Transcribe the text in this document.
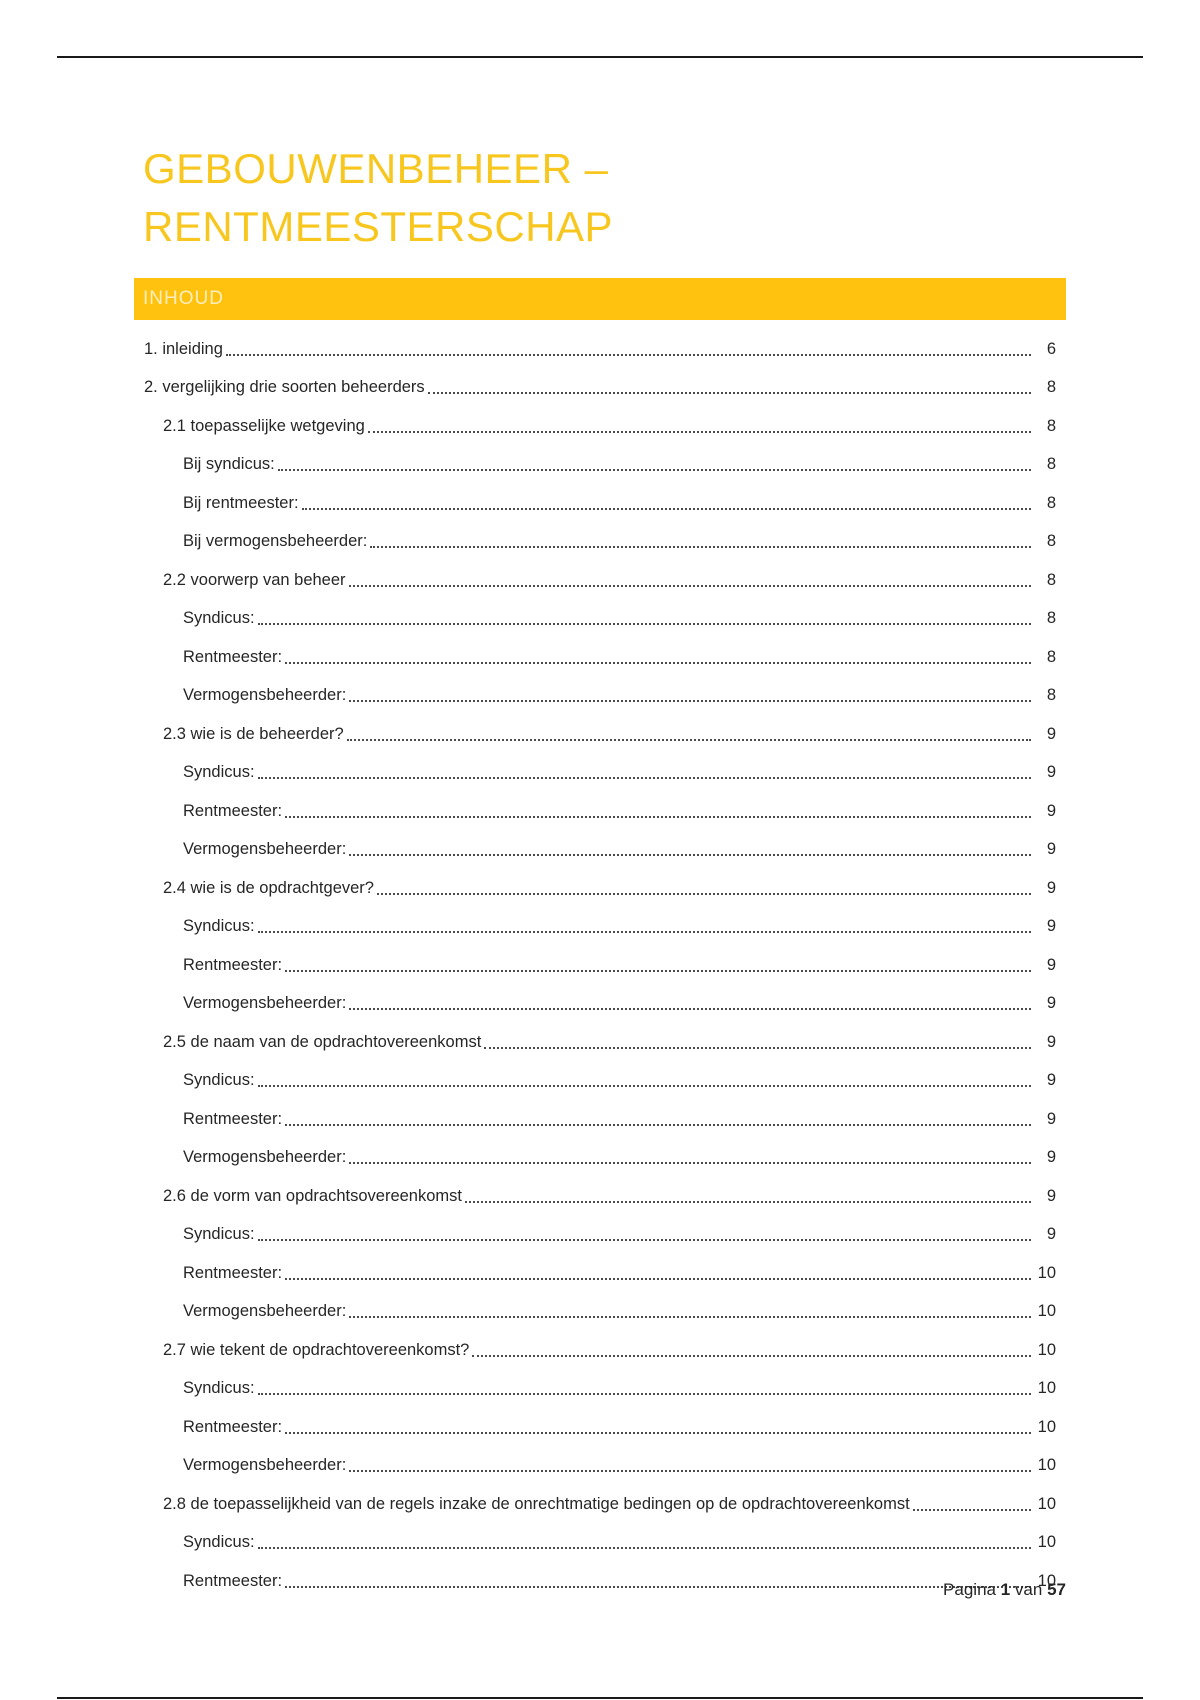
GEBOUWENBEHEER – RENTMEESTERSCHAP
INHOUD
1. inleiding	6
2. vergelijking drie soorten beheerders	8
2.1 toepasselijke wetgeving	8
Bij syndicus:	8
Bij rentmeester:	8
Bij vermogensbeheerder:	8
2.2 voorwerp van beheer	8
Syndicus:	8
Rentmeester:	8
Vermogensbeheerder:	8
2.3 wie is de beheerder?	9
Syndicus:	9
Rentmeester:	9
Vermogensbeheerder:	9
2.4 wie is de opdrachtgever?	9
Syndicus:	9
Rentmeester:	9
Vermogensbeheerder:	9
2.5 de naam van de opdrachtovereenkomst	9
Syndicus:	9
Rentmeester:	9
Vermogensbeheerder:	9
2.6 de vorm van opdrachtsovereenkomst	9
Syndicus:	9
Rentmeester:	10
Vermogensbeheerder:	10
2.7 wie tekent de opdrachtovereenkomst?	10
Syndicus:	10
Rentmeester:	10
Vermogensbeheerder:	10
2.8 de toepasselijkheid van de regels inzake de onrechtmatige bedingen op de opdrachtovereenkomst	10
Syndicus:	10
Rentmeester:	10
Pagina 1 van 57
